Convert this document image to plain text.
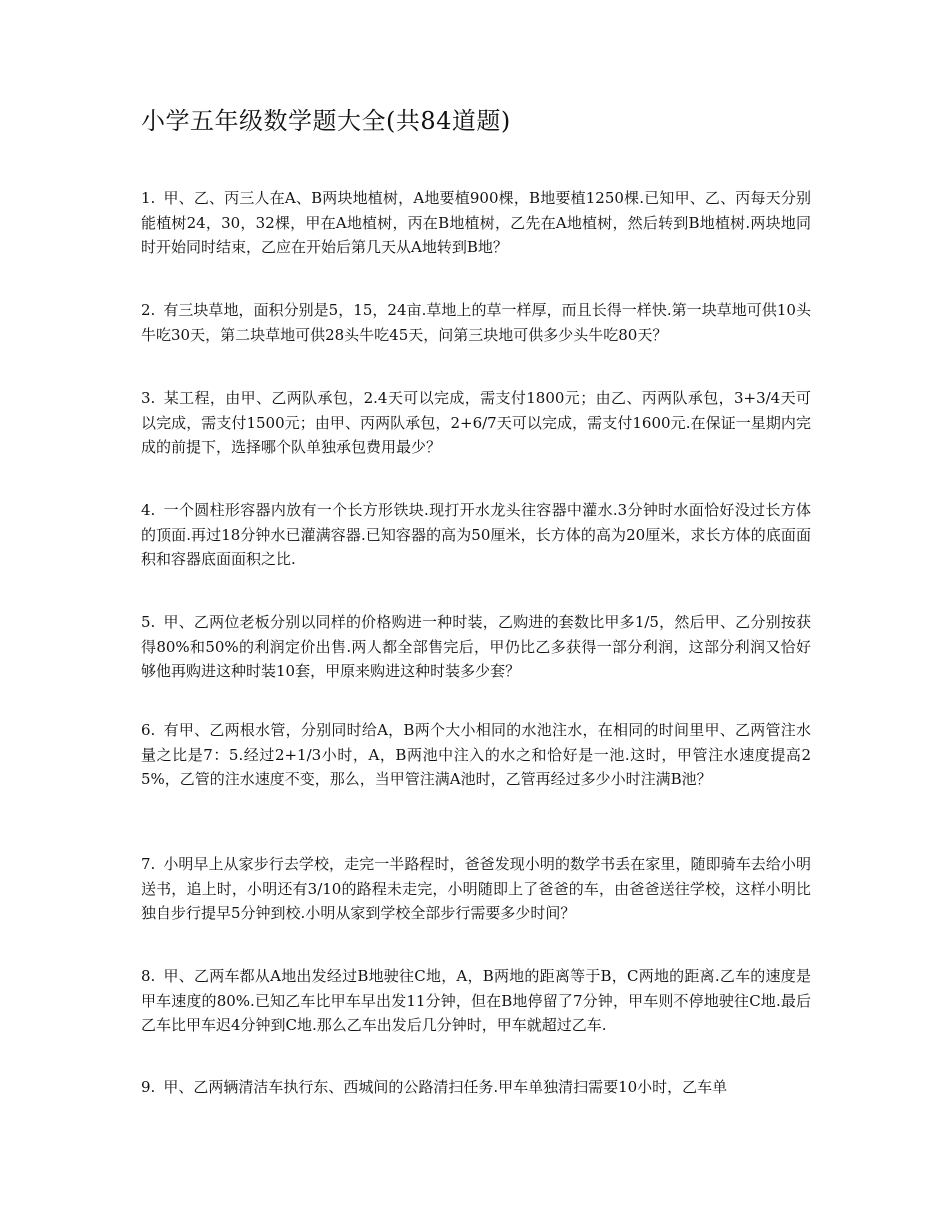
小学五年级数学题大全(共84道题)

1. 甲、乙、丙三人在A、B两块地植树，A地要植900棵，B地要植1250棵.已知甲、乙、丙每天分别能植树24，30，32棵，甲在A地植树，丙在B地植树，乙先在A地植树，然后转到B地植树.两块地同时开始同时结束，乙应在开始后第几天从A地转到B地？

2. 有三块草地，面积分别是5，15，24亩.草地上的草一样厚，而且长得一样快.第一块草地可供10头牛吃30天，第二块草地可供28头牛吃45天，问第三块地可供多少头牛吃80天？

3. 某工程，由甲、乙两队承包，2.4天可以完成，需支付1800元；由乙、丙两队承包，3+3/4天可以完成，需支付1500元；由甲、丙两队承包，2+6/7天可以完成，需支付1600元.在保证一星期内完成的前提下，选择哪个队单独承包费用最少？

4. 一个圆柱形容器内放有一个长方形铁块.现打开水龙头往容器中灌水.3分钟时水面恰好没过长方体的顶面.再过18分钟水已灌满容器.已知容器的高为50厘米，长方体的高为20厘米，求长方体的底面面积和容器底面面积之比.

5. 甲、乙两位老板分别以同样的价格购进一种时装，乙购进的套数比甲多1/5，然后甲、乙分别按获得80%和50%的利润定价出售.两人都全部售完后，甲仍比乙多获得一部分利润，这部分利润又恰好够他再购进这种时装10套，甲原来购进这种时装多少套？

6. 有甲、乙两根水管，分别同时给A，B两个大小相同的水池注水，在相同的时间里甲、乙两管注水量之比是7：5.经过2+1/3小时，A，B两池中注入的水之和恰好是一池.这时，甲管注水速度提高25%，乙管的注水速度不变，那么，当甲管注满A池时，乙管再经过多少小时注满B池？

7. 小明早上从家步行去学校，走完一半路程时，爸爸发现小明的数学书丢在家里，随即骑车去给小明送书，追上时，小明还有3/10的路程未走完，小明随即上了爸爸的车，由爸爸送往学校，这样小明比独自步行提早5分钟到校.小明从家到学校全部步行需要多少时间？

8. 甲、乙两车都从A地出发经过B地驶往C地，A，B两地的距离等于B，C两地的距离.乙车的速度是甲车速度的80%.已知乙车比甲车早出发11分钟，但在B地停留了7分钟，甲车则不停地驶往C地.最后乙车比甲车迟4分钟到C地.那么乙车出发后几分钟时，甲车就超过乙车.

9. 甲、乙两辆清洁车执行东、西城间的公路清扫任务.甲车单独清扫需要10小时，乙车单
